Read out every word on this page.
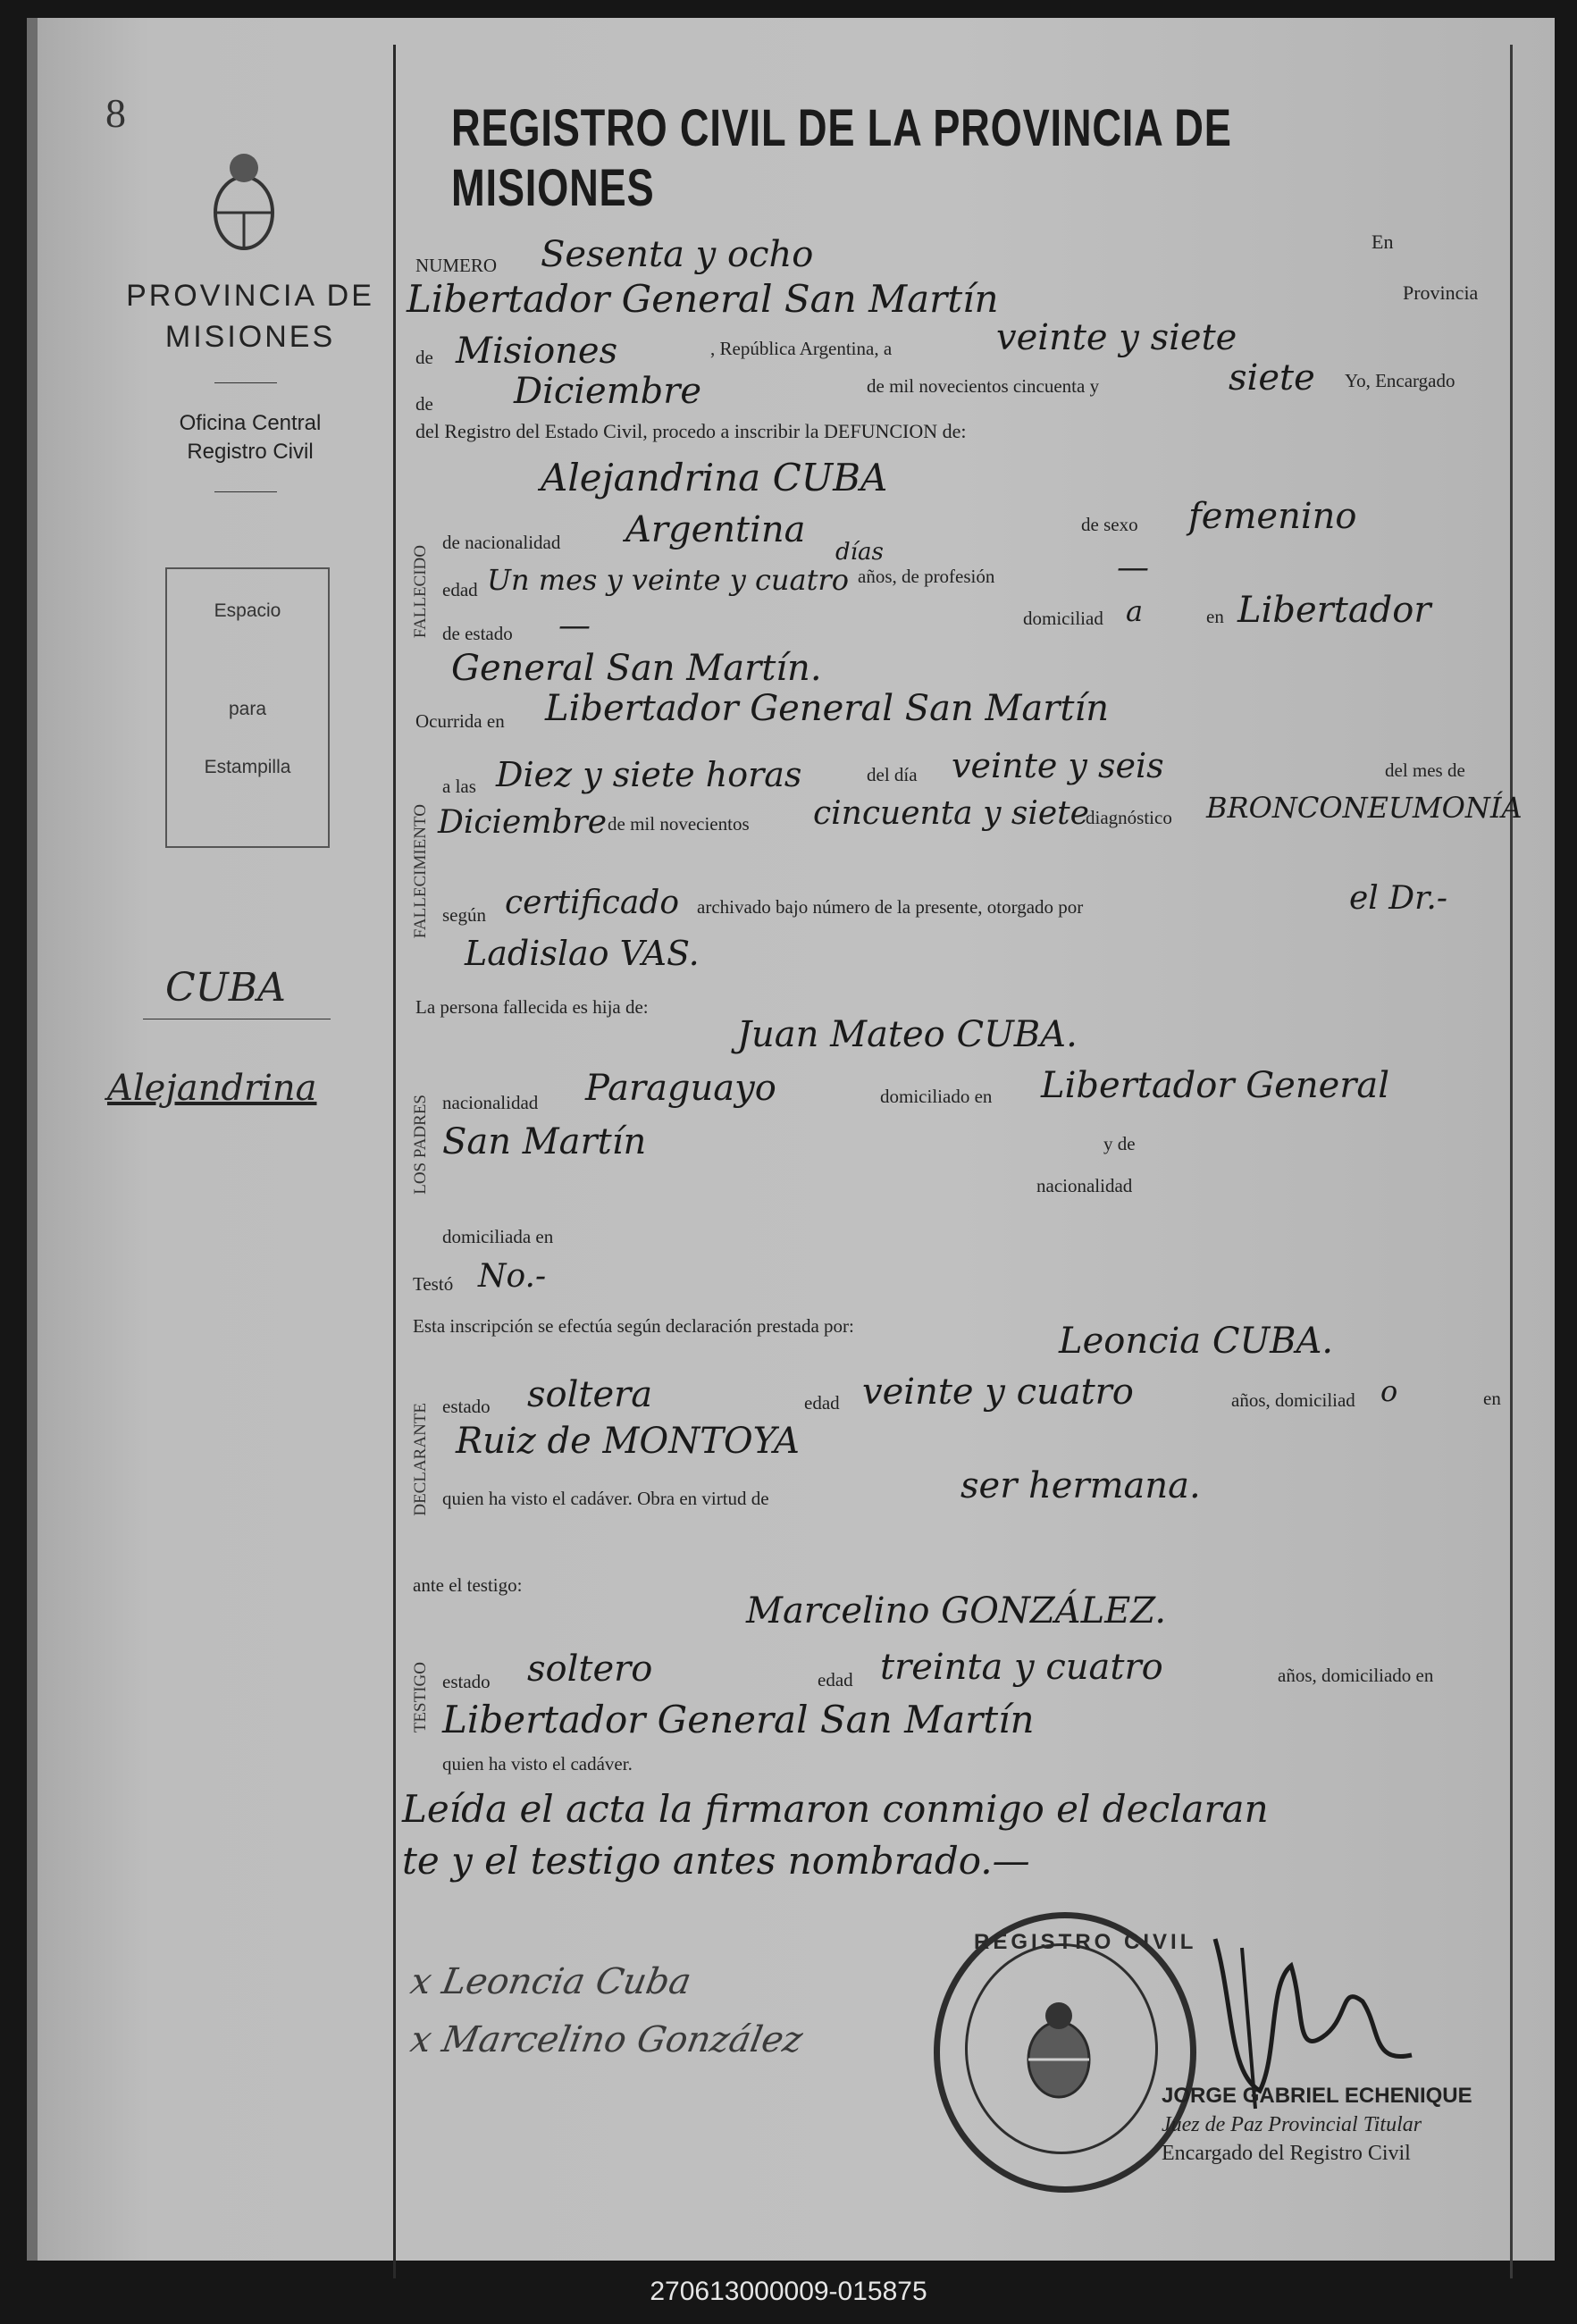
8	REGISTRO CIVIL DE LA PROVINCIA DE MISIONES
PROVINCIA DE
MISIONES
Oficina Central
Registro Civil
Espacio
para
Estampilla
CUBA
Alejandrina
NUMERO Sesenta y ocho	En
Libertador General San Martín	Provincia
de Misiones	, República Argentina, a	veinte y siete
de Diciembre	de mil novecientos cincuenta y	siete Yo, Encargado
del Registro del Estado Civil, procedo a inscribir la DEFUNCION de:
FALLECIDO
Alejandrina CUBA
de nacionalidad Argentina	de sexo femenino
edad Un mes y veinte y cuatro
días
años, de profesión	—
de estado —	domiciliad a	en Libertador
General San Martín.
Ocurrida en Libertador General San Martín
FALLECIMIENTO
a las Diez y siete horas	del día veinte y seis	del mes de
Diciembre de mil novecientos cincuenta y siete
diagnóstico BRONCONEUMONÍA
según certificado archivado bajo número de la presente, otorgado por	el Dr.-
Ladislao VAS.
La persona fallecida es hija de:
LOS PADRES
Juan Mateo CUBA.
nacionalidad Paraguayo	domiciliado en Libertador General
San Martín	y de
nacionalidad
domiciliada en
Testó No.-
Esta inscripción se efectúa según declaración prestada por:
DECLARANTE
Leoncia CUBA.
estado soltera	edad veinte y cuatro	años, domiciliad o	en
Ruiz de MONTOYA
quien ha visto el cadáver. Obra en virtud de	ser hermana.
ante el testigo:
TESTIGO
Marcelino GONZÁLEZ.
estado soltero	edad treinta y cuatro	años, domiciliado en
Libertador General San Martín
quien ha visto el cadáver.
Leída el acta la firmaron conmigo el declaran
te y el testigo antes nombrado.—
x Leoncia Cuba
x Marcelino González
REGISTRO CIVIL
JORGE GABRIEL ECHENIQUE
Juez de Paz Provincial Titular
Encargado del Registro Civil
270613000009-015875
